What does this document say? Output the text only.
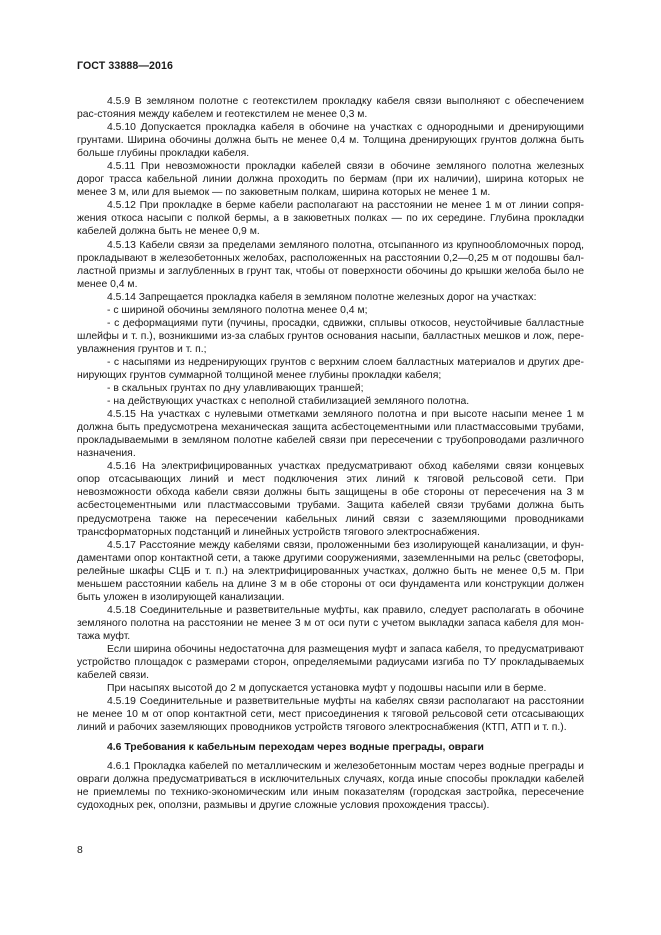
ГОСТ 33888—2016

4.5.9 В земляном полотне с геотекстилем прокладку кабеля связи выполняют с обеспечением рас-стояния между кабелем и геотекстилем не менее 0,3 м.

4.5.10 Допускается прокладка кабеля в обочине на участках с однородными и дренирующими грунтами. Ширина обочины должна быть не менее 0,4 м. Толщина дренирующих грунтов должна быть больше глубины прокладки кабеля.

4.5.11 При невозможности прокладки кабелей связи в обочине земляного полотна железных дорог трасса кабельной линии должна проходить по бермам (при их наличии), ширина которых не менее 3 м, или для выемок — по закюветным полкам, ширина которых не менее 1 м.

4.5.12 При прокладке в берме кабели располагают на расстоянии не менее 1 м от линии сопря-жения откоса насыпи с полкой бермы, а в закюветных полках — по их середине. Глубина прокладки кабелей должна быть не менее 0,9 м.

4.5.13 Кабели связи за пределами земляного полотна, отсыпанного из крупнообломочных пород, прокладывают в железобетонных желобах, расположенных на расстоянии 0,2—0,25 м от подошвы бал-ластной призмы и заглубленных в грунт так, чтобы от поверхности обочины до крышки желоба было не менее 0,4 м.

4.5.14 Запрещается прокладка кабеля в земляном полотне железных дорог на участках:

- с шириной обочины земляного полотна менее 0,4 м;

- с деформациями пути (пучины, просадки, сдвижки, сплывы откосов, неустойчивые балластные шлейфы и т. п.), возникшими из-за слабых грунтов основания насыпи, балластных мешков и лож, пере-увлажнения грунтов и т. п.;

- с насыпями из недренирующих грунтов с верхним слоем балластных материалов и других дре-нирующих грунтов суммарной толщиной менее глубины прокладки кабеля;

- в скальных грунтах по дну улавливающих траншей;

- на действующих участках с неполной стабилизацией земляного полотна.

4.5.15 На участках с нулевыми отметками земляного полотна и при высоте насыпи менее 1 м должна быть предусмотрена механическая защита асбестоцементными или пластмассовыми трубами, прокладываемыми в земляном полотне кабелей связи при пересечении с трубопроводами различного назначения.

4.5.16 На электрифицированных участках предусматривают обход кабелями связи концевых опор отсасывающих линий и мест подключения этих линий к тяговой рельсовой сети. При невозможности обхода кабели связи должны быть защищены в обе стороны от пересечения на 3 м асбестоцементными или пластмассовыми трубами. Защита кабелей связи трубами должна быть предусмотрена также на пересечении кабельных линий связи с заземляющими проводниками трансформаторных подстанций и линейных устройств тягового электроснабжения.

4.5.17 Расстояние между кабелями связи, проложенными без изолирующей канализации, и фун-даментами опор контактной сети, а также другими сооружениями, заземленными на рельс (светофоры, релейные шкафы СЦБ и т. п.) на электрифицированных участках, должно быть не менее 0,5 м. При меньшем расстоянии кабель на длине 3 м в обе стороны от оси фундамента или конструкции должен быть уложен в изолирующей канализации.

4.5.18 Соединительные и разветвительные муфты, как правило, следует располагать в обочине земляного полотна на расстоянии не менее 3 м от оси пути с учетом выкладки запаса кабеля для мон-тажа муфт.

Если ширина обочины недостаточна для размещения муфт и запаса кабеля, то предусматривают устройство площадок с размерами сторон, определяемыми радиусами изгиба по ТУ прокладываемых кабелей связи.

При насыпях высотой до 2 м допускается установка муфт у подошвы насыпи или в берме.

4.5.19 Соединительные и разветвительные муфты на кабелях связи располагают на расстоянии не менее 10 м от опор контактной сети, мест присоединения к тяговой рельсовой сети отсасывающих линий и рабочих заземляющих проводников устройств тягового электроснабжения (КТП, АТП и т. п.).

4.6 Требования к кабельным переходам через водные преграды, овраги

4.6.1 Прокладка кабелей по металлическим и железобетонным мостам через водные преграды и овраги должна предусматриваться в исключительных случаях, когда иные способы прокладки кабелей не приемлемы по технико-экономическим или иным показателям (городская застройка, пересечение судоходных рек, оползни, размывы и другие сложные условия прохождения трассы).

8
